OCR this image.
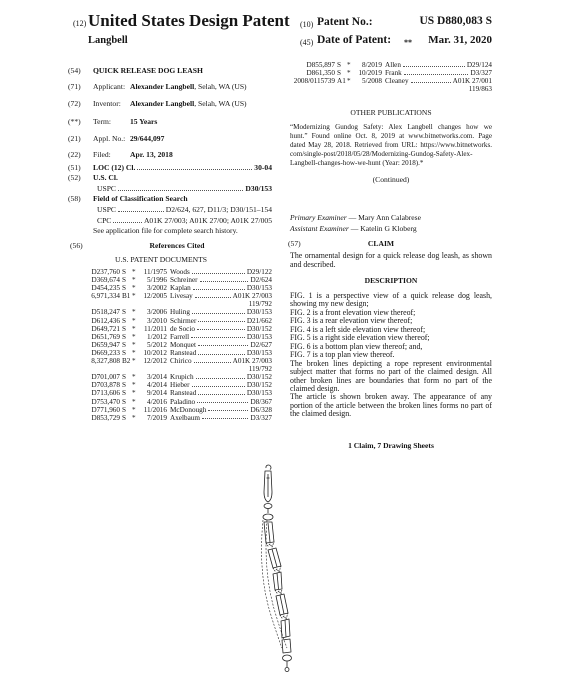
(12) United States Design Patent
Langbell
(10) Patent No.:	US D880,083 S
(45) Date of Patent: ** Mar. 31, 2020
(54)	QUICK RELEASE DOG LEASH
(71)	Applicant: Alexander Langbell , Selah, WA (US)
(72)	Inventor:	Alexander Langbell , Selah, WA (US)
(**)	Term:	15 Years
(21)	Appl. No.: 29/644,097
(22)	Filed:	Apr. 13, 2018
(51)	LOC (12) Cl.	30-04
(52)	U.S. Cl.
USPC	D30/153
(58)	Field of Classification Search
USPC	D2/624, 627, D11/3; D30/151–154
CPC	A01K 27/003; A01K 27/00; A01K 27/005
See application file for complete search history.
(56)	References Cited
U.S. PATENT DOCUMENTS
D237,760 S *	11/1975 Woods	D29/122
D369,674 S *	5/1996 Schreiner	D2/624
D454,235 S *	3/2002 Kaplan	D30/153
6,971,334 B1 *	12/2005 Livesay	A01K 27/003
119/792
D518,247 S *	3/2006 Huling	D30/153
D612,436 S *	3/2010 Schirmer	D21/662
D649,721 S *	11/2011 de Socio	D30/152
D651,769 S *	1/2012 Farrell	D30/153
D659,947 S *	5/2012 Monquet	D2/627
D669,233 S *	10/2012 Ranstead	D30/153
8,327,808 B2 *	12/2012 Chirico	A01K 27/003
119/792
D701,007 S *	3/2014 Krupich	D30/152
D703,878 S *	4/2014 Hieber	D30/152
D713,606 S *	9/2014 Ranstead	D30/153
D753,470 S *	4/2016 Paladino	D8/367
D771,960 S *	11/2016 McDonough	D6/328
D853,729 S *	7/2019 Axelbaum	D3/327
D855,897 S *	8/2019 Allen	D29/124
D861,350 S *	10/2019 Frank	D3/327
2008/0115739 A1 *	5/2008 Cleaney	A01K 27/001
119/863
OTHER PUBLICATIONS
“Modernizing Gundog Safety: Alex Langbell changes how we
hunt.” Found online Oct. 8, 2019 at www.bitnetworks.com. Page
dated May 28, 2018. Retrieved from URL: https://www.bitnetworks.
com/single-post/2018/05/28/Modernizing-Gundog-Safety-Alex-
Langbell-changes-how-we-hunt (Year: 2018).*
(Continued)
Primary Examiner — Mary Ann Calabrese
Assistant Examiner — Katelin G Kloberg
(57)	CLAIM
The ornamental design for a quick release dog leash, as shown and described.
DESCRIPTION

FIG. 1 is a perspective view of a quick release dog leash, showing my new design;

FIG. 2 is a front elevation view thereof;

FIG. 3 is a rear elevation view thereof;

FIG. 4 is a left side elevation view thereof;

FIG. 5 is a right side elevation view thereof;

FIG. 6 is a bottom plan view thereof; and,

FIG. 7 is a top plan view thereof.

The broken lines depicting a rope represent environmental subject matter that forms no part of the claimed design. All other broken lines are boundaries that form no part of the claimed design.

The article is shown broken away. The appearance of any portion of the article between the broken lines forms no part of the claimed design.

1 Claim, 7 Drawing Sheets
